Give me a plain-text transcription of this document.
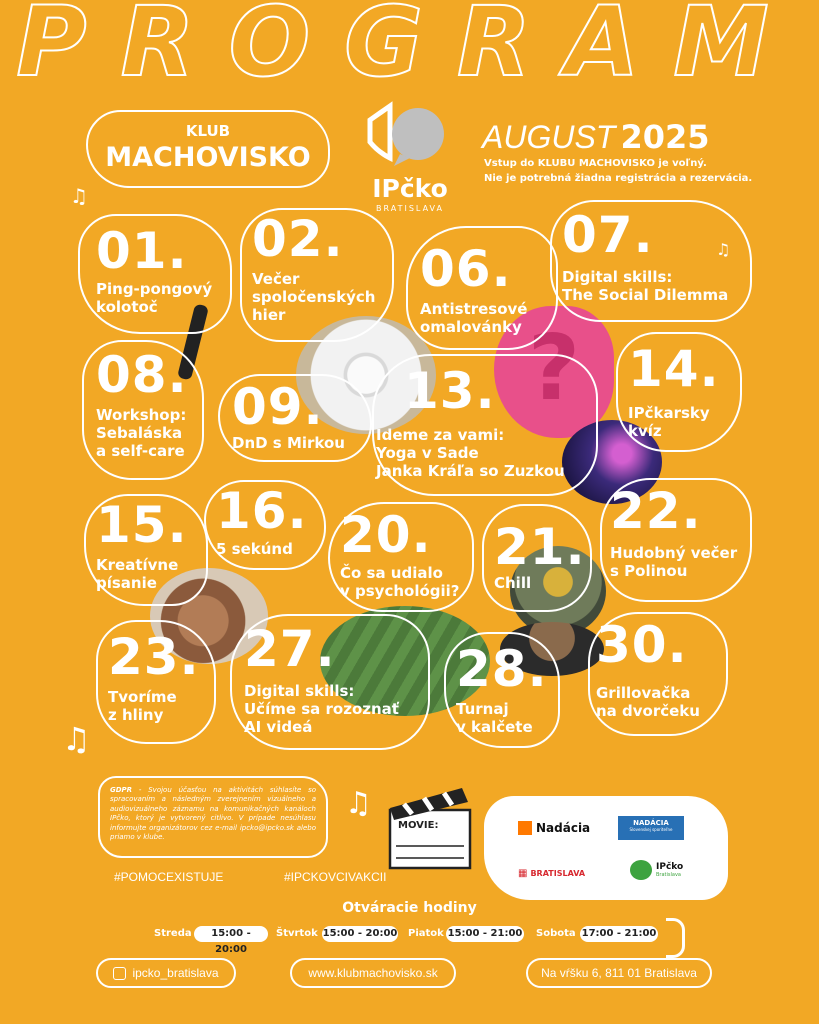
PROGRAM
KLUB
MACHOVISKO
IPčko
BRATISLAVA
AUGUST 2025
Vstup do KLUBU MACHOVISKO je voľný.
Nie je potrebná žiadna registrácia a rezervácia.
♫
♫
♫
♫
?
01. 02.
06.
07.
08.
09. 13.	14.
15. 16. 20. 21.
22.
23. 27. 28. 30.
Ping-pongový
kolotoč
Večer
spoločenských
hier	Antistresové
omalovánky
Digital skills:
The Social Dilemma
Workshop:
Sebaláska
a self-care	DnD s Mirkou Ideme za vami:
Yoga v Sade
Janka Kráľa so Zuzkou
IPčkarsky
kvíz
Kreatívne
písanie
5 sekúnd
Čo sa udialo
v psychológii? Chill
Hudobný večer
s Polinou
Tvoríme
z hliny
Digital skills:
Učíme sa rozoznať
AI videá
Turnaj
v kalčete
Grillovačka
na dvorčeku
GDPR - Svojou účasťou na aktivitách súhlasíte so spracovaním a následným zverejnením vizuálneho a audiovizuálneho záznamu na komunikačných kanáloch IPčko, ktorý je vytvorený citlivo. V prípade nesúhlasu informujte organizátorov cez e-mail ipcko@ipcko.sk alebo priamo v klube.
MOVIE:	Nadácia	NADÁCIA
Slovenskej sporiteľne
▦ BRATISLAVA
IPčko
Bratislava
#POMOCEXISTUJE	#IPCKOVCIVAKCII
Otváracie hodiny
Streda	15:00 - 20:00
Štvrtok 15:00 - 20:00 Piatok 15:00 - 21:00 Sobota 17:00 - 21:00
ipcko_bratislava	www.klubmachovisko.sk	Na vŕšku 6, 811 01 Bratislava
